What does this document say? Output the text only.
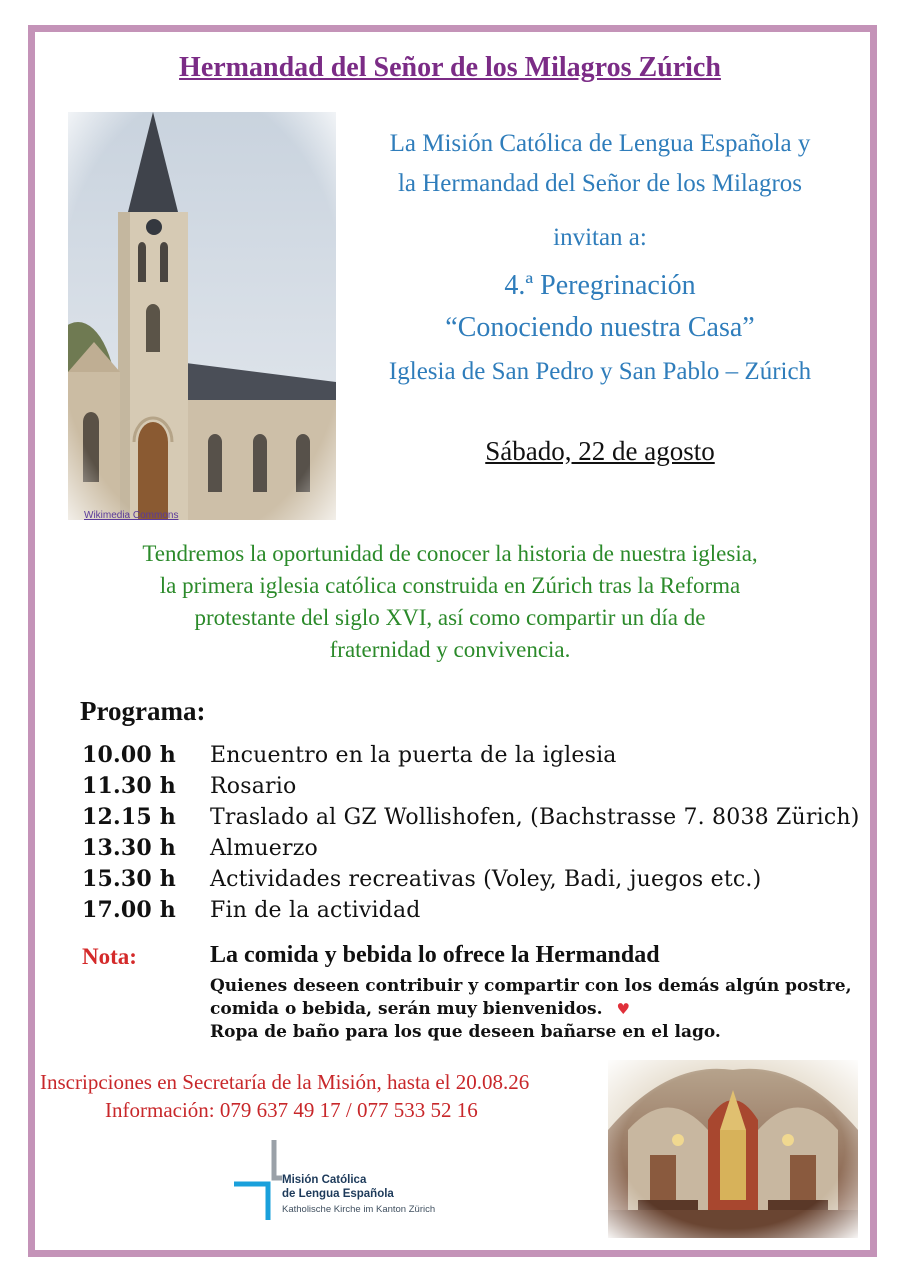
Hermandad del Señor de los Milagros Zúrich
Wikimedia Commons
La Misión Católica de Lengua Española y
la Hermandad del Señor de los Milagros
invitan a:
4.ª Peregrinación
“Conociendo nuestra Casa”
Iglesia de San Pedro y San Pablo – Zúrich
Sábado, 22 de agosto
Tendremos la oportunidad de conocer la historia de nuestra iglesia,
la primera iglesia católica construida en Zúrich tras la Reforma
protestante del siglo XVI, así como compartir un día de
fraternidad y convivencia.
Programa:
10.00 h Encuentro en la puerta de la iglesia
11.30 h Rosario
12.15 h Traslado al GZ Wollishofen, (Bachstrasse 7. 8038 Zürich)
13.30 h Almuerzo
15.30 h Actividades recreativas (Voley, Badi, juegos etc.)
17.00 h Fin de la actividad
Nota:	La comida y bebida lo ofrece la Hermandad
Quienes deseen contribuir y compartir con los demás algún postre,
comida o bebida, serán muy bienvenidos. ♥
Ropa de baño para los que deseen bañarse en el lago.
Inscripciones en Secretaría de la Misión, hasta el 20.08.26
Información: 079 637 49 17 / 077 533 52 16
Misión Católica
de Lengua Española
Katholische Kirche im Kanton Zürich
